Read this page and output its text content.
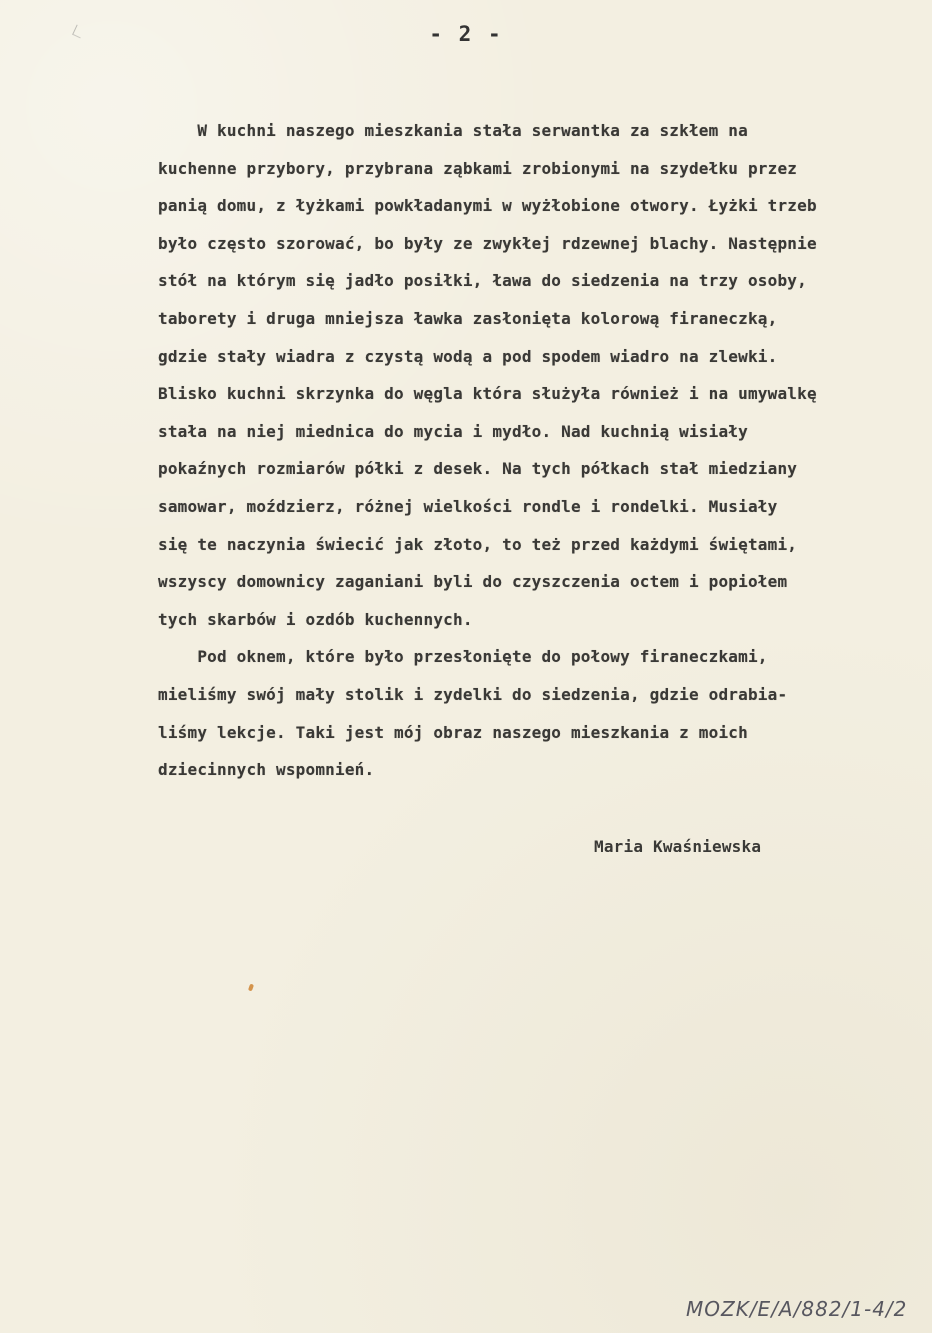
- 2 -
W kuchni naszego mieszkania stała serwantka za szkłem na
kuchenne przybory, przybrana ząbkami zrobionymi na szydełku przez
panią domu, z łyżkami powkładanymi w wyżłobione otwory. Łyżki trzeb
było często szorować, bo były ze zwykłej rdzewnej blachy. Następnie
stół na którym się jadło posiłki, ława do siedzenia na trzy osoby,
taborety i druga mniejsza ławka zasłonięta kolorową firaneczką,
gdzie stały wiadra z czystą wodą a pod spodem wiadro na zlewki.
Blisko kuchni skrzynka do węgla która służyła również i na umywalkę
stała na niej miednica do mycia i mydło. Nad kuchnią wisiały
pokaźnych rozmiarów półki z desek. Na tych półkach stał miedziany
samowar, moździerz, różnej wielkości rondle i rondelki. Musiały
się te naczynia świecić jak złoto, to też przed każdymi świętami,
wszyscy domownicy zaganiani byli do czyszczenia octem i popiołem
tych skarbów i ozdób kuchennych.
Pod oknem, które było przesłonięte do połowy firaneczkami,
mieliśmy swój mały stolik i zydelki do siedzenia, gdzie odrabia-
liśmy lekcje. Taki jest mój obraz naszego mieszkania z moich
dziecinnych wspomnień.
Maria Kwaśniewska
MOZK/E/A/882/1-4/2
